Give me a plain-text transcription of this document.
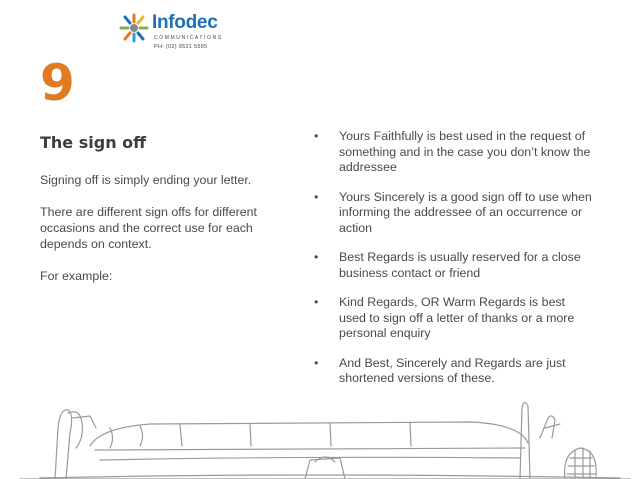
Infodec
COMMUNICATIONS
PH: (02) 9531 5595
9
The sign off

Signing off is simply ending your letter.

There are different sign offs for different occasions and the correct use for each depends on context.

For example:

• Yours Faithfully is best used in the request of something and in the case you don’t know the addressee
• Yours Sincerely is a good sign off to use when informing the addressee of an occurrence or action
• Best Regards is usually reserved for a close business contact or friend
• Kind Regards, OR Warm Regards is best used to sign off a letter of thanks or a more personal enquiry
• And Best, Sincerely and Regards are just shortened versions of these.
